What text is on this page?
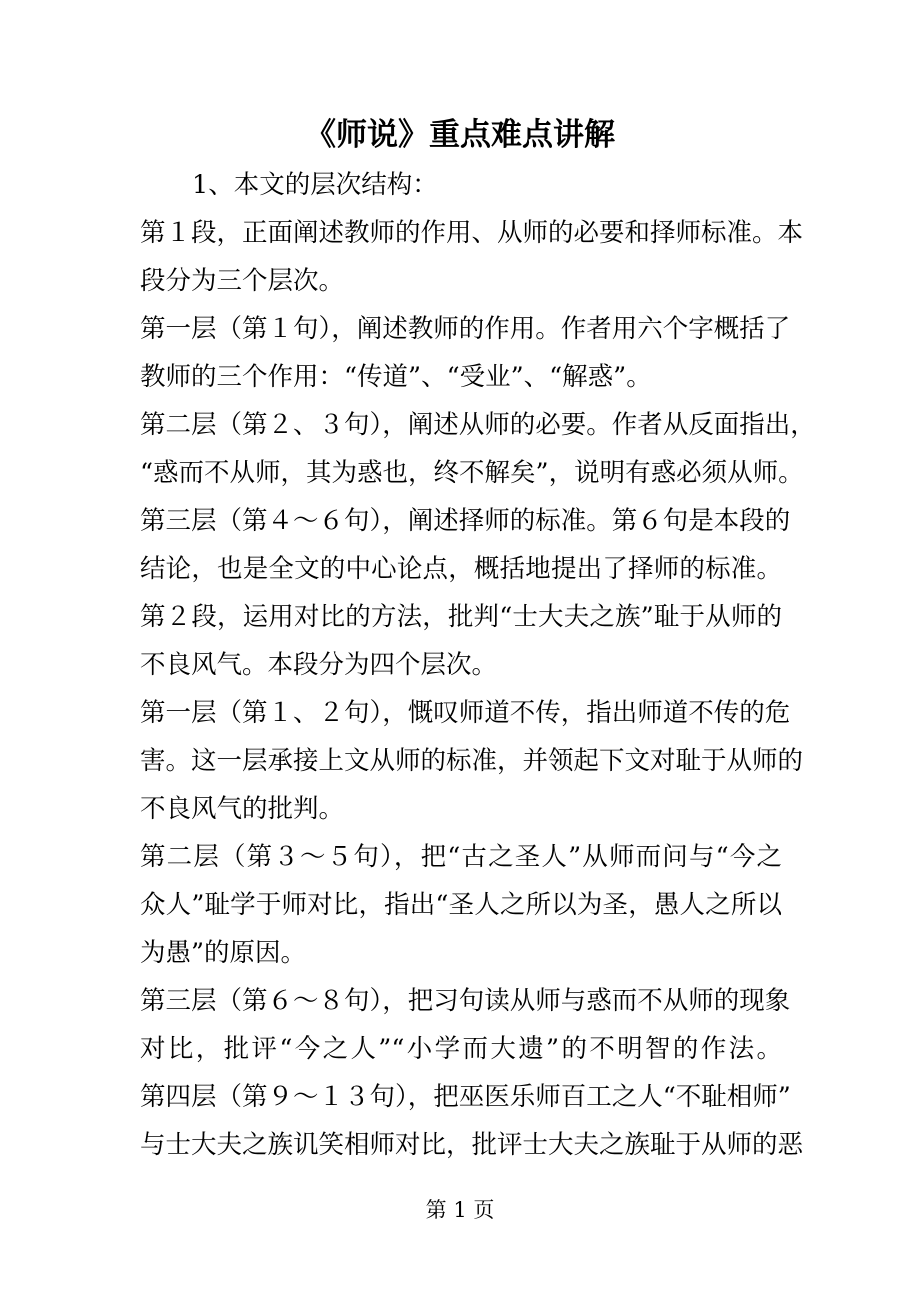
《师说》重点难点讲解
1、本文的层次结构：
第１段，正面阐述教师的作用、从师的必要和择师标准。本
段分为三个层次。
第一层（第１句），阐述教师的作用。作者用六个字概括了
教师的三个作用：“传道”、“受业”、“解惑”。
第二层（第２、３句），阐述从师的必要。作者从反面指出，
“惑而不从师，其为惑也，终不解矣”，说明有惑必须从师。
第三层（第４～６句），阐述择师的标准。第６句是本段的
结论，也是全文的中心论点，概括地提出了择师的标准。
第２段，运用对比的方法，批判“士大夫之族”耻于从师的
不良风气。本段分为四个层次。
第一层（第１、２句），慨叹师道不传，指出师道不传的危
害。这一层承接上文从师的标准，并领起下文对耻于从师的
不良风气的批判。
第二层（第３～５句），把“古之圣人”从师而问与“今之
众人”耻学于师对比，指出“圣人之所以为圣，愚人之所以
为愚”的原因。
第三层（第６～８句），把习句读从师与惑而不从师的现象
对比，批评“今之人”“小学而大遗”的不明智的作法。
第四层（第９～１３句），把巫医乐师百工之人“不耻相师”
与士大夫之族讥笑相师对比，批评士大夫之族耻于从师的恶
第 1 页
